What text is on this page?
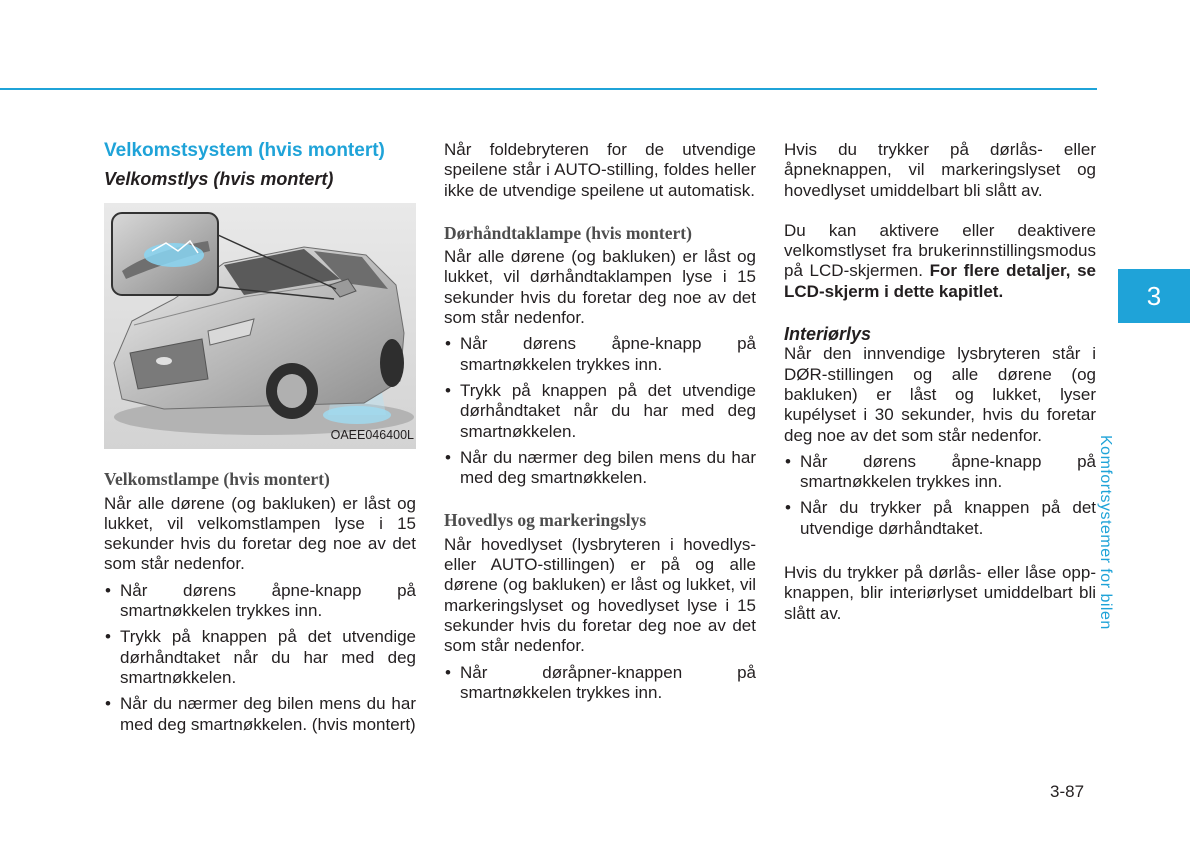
Velkomstsystem (hvis montert)
Velkomstlys (hvis montert)
OAEE046400L
Velkomstlampe (hvis montert)

Når alle dørene (og bakluken) er låst og lukket, vil velkomstlampen lyse i 15 sekunder hvis du foretar deg noe av det som står nedenfor.

• Når dørens åpne-knapp på smartnøkkelen trykkes inn.
• Trykk på knappen på det utvendige dørhåndtaket når du har med deg smartnøkkelen.
• Når du nærmer deg bilen mens du har med deg smartnøkkelen. (hvis montert)

Når foldebryteren for de utvendige speilene står i AUTO-stilling, foldes heller ikke de utvendige speilene ut automatisk.

Dørhåndtaklampe (hvis montert)

Når alle dørene (og bakluken) er låst og lukket, vil dørhåndtaklampen lyse i 15 sekunder hvis du foretar deg noe av det som står nedenfor.

• Når dørens åpne-knapp på smartnøkkelen trykkes inn.
• Trykk på knappen på det utvendige dørhåndtaket når du har med deg smartnøkkelen.
• Når du nærmer deg bilen mens du har med deg smartnøkkelen.
Hovedlys og markeringslys

Når hovedlyset (lysbryteren i hovedlys- eller AUTO-stillingen) er på og alle dørene (og bakluken) er låst og lukket, vil markeringslyset og hovedlyset lyse i 15 sekunder hvis du foretar deg noe av det som står nedenfor.

• Når døråpner-knappen på smartnøkkelen trykkes inn.

Hvis du trykker på dørlås- eller åpneknappen, vil markeringslyset og hovedlyset umiddelbart bli slått av.

Du kan aktivere eller deaktivere velkomstlyset fra brukerinnstillingsmodus på LCD-skjermen. For flere detaljer, se LCD-skjerm i dette kapitlet.

Interiørlys

Når den innvendige lysbryteren står i DØR-stillingen og alle dørene (og bakluken) er låst og lukket, lyser kupélyset i 30 sekunder, hvis du foretar deg noe av det som står nedenfor.

• Når dørens åpne-knapp på smartnøkkelen trykkes inn.
• Når du trykker på knappen på det utvendige dørhåndtaket.

Hvis du trykker på dørlås- eller låse opp-knappen, blir interiørlyset umiddelbart bli slått av.

3
Komfortsystemer for bilen
3-87
